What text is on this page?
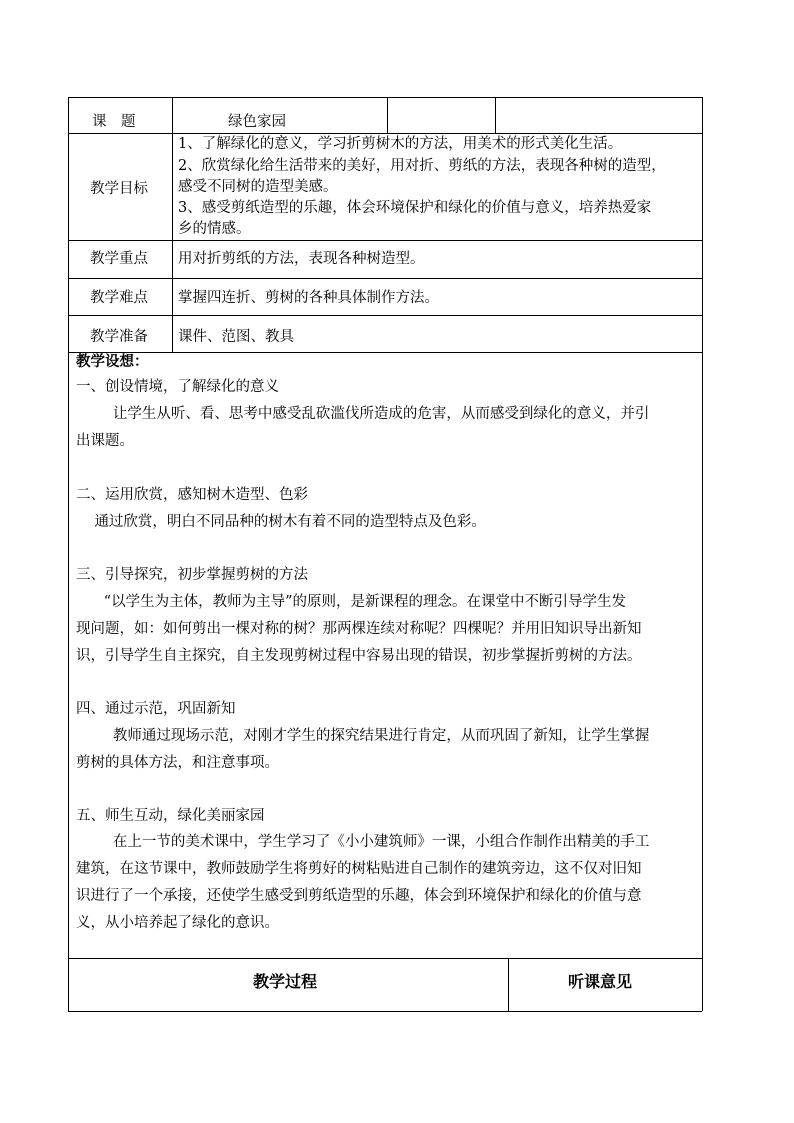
课　题	绿色家园
教学目标
1、了解绿化的意义，学习折剪树木的方法，用美术的形式美化生活。
2、欣赏绿化给生活带来的美好，用对折、剪纸的方法，表现各种树的造型，
感受不同树的造型美感。
3、感受剪纸造型的乐趣，体会环境保护和绿化的价值与意义，培养热爱家
乡的情感。
教学重点 用对折剪纸的方法，表现各种树造型。
教学难点 掌握四连折、剪树的各种具体制作方法。
教学准备 课件、范图、教具
教学设想：
一、创设情境，了解绿化的意义
让学生从听、看、思考中感受乱砍滥伐所造成的危害，从而感受到绿化的意义，并引
出课题。
二、运用欣赏，感知树木造型、色彩
通过欣赏，明白不同品种的树木有着不同的造型特点及色彩。
三、引导探究，初步掌握剪树的方法
“以学生为主体，教师为主导”的原则，是新课程的理念。在课堂中不断引导学生发
现问题，如：如何剪出一棵对称的树？那两棵连续对称呢？四棵呢？并用旧知识导出新知
识，引导学生自主探究，自主发现剪树过程中容易出现的错误，初步掌握折剪树的方法。
四、通过示范，巩固新知
教师通过现场示范，对刚才学生的探究结果进行肯定，从而巩固了新知，让学生掌握
剪树的具体方法，和注意事项。
五、师生互动，绿化美丽家园
在上一节的美术课中，学生学习了《小小建筑师》一课，小组合作制作出精美的手工
建筑，在这节课中，教师鼓励学生将剪好的树粘贴进自己制作的建筑旁边，这不仅对旧知
识进行了一个承接，还使学生感受到剪纸造型的乐趣，体会到环境保护和绿化的价值与意
义，从小培养起了绿化的意识。
教学过程	听课意见
